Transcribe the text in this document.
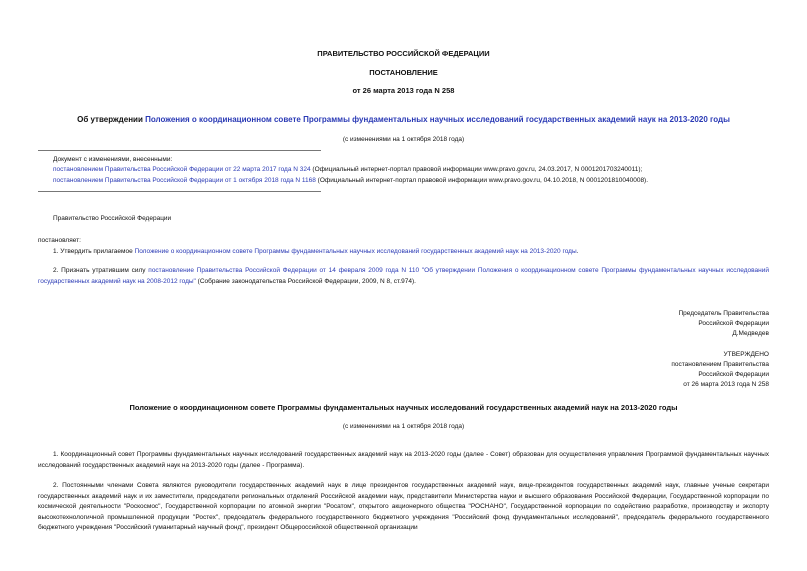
ПРАВИТЕЛЬСТВО РОССИЙСКОЙ ФЕДЕРАЦИИ
ПОСТАНОВЛЕНИЕ
от 26 марта 2013 года N 258
Об утверждении Положения о координационном совете Программы фундаментальных научных исследований государственных академий наук на 2013-2020 годы
(с изменениями на 1 октября 2018 года)
Документ с изменениями, внесенными:
постановлением Правительства Российской Федерации от 22 марта 2017 года N 324 (Официальный интернет-портал правовой информации www.pravo.gov.ru, 24.03.2017, N 0001201703240011);
постановлением Правительства Российской Федерации от 1 октября 2018 года N 1168 (Официальный интернет-портал правовой информации www.pravo.gov.ru, 04.10.2018, N 0001201810040008).
Правительство Российской Федерации
постановляет:
1. Утвердить прилагаемое Положение о координационном совете Программы фундаментальных научных исследований государственных академий наук на 2013-2020 годы.
2. Признать утратившим силу постановление Правительства Российской Федерации от 14 февраля 2009 года N 110 "Об утверждении Положения о координационном совете Программы фундаментальных научных исследований государственных академий наук на 2008-2012 годы" (Собрание законодательства Российской Федерации, 2009, N 8, ст.974).
Председатель Правительства
Российской Федерации
Д.Медведев
УТВЕРЖДЕНО
постановлением Правительства
Российской Федерации
от 26 марта 2013 года N 258
Положение о координационном совете Программы фундаментальных научных исследований государственных академий наук на 2013-2020 годы
(с изменениями на 1 октября 2018 года)
1. Координационный совет Программы фундаментальных научных исследований государственных академий наук на 2013-2020 годы (далее - Совет) образован для осуществления управления Программой фундаментальных научных исследований государственных академий наук на 2013-2020 годы (далее - Программа).
2. Постоянными членами Совета являются руководители государственных академий наук в лице президентов государственных академий наук, вице-президентов государственных академий наук, главные ученые секретари государственных академий наук и их заместители, председатели региональных отделений Российской академии наук, представители Министерства науки и высшего образования Российской Федерации, Государственной корпорации по космической деятельности "Роскосмос", Государственной корпорации по атомной энергии "Росатом", открытого акционерного общества "РОСНАНО", Государственной корпорации по содействию разработке, производству и экспорту высокотехнологичной промышленной продукции "Ростех", председатель федерального государственного бюджетного учреждения "Российский фонд фундаментальных исследований", председатель федерального государственного бюджетного учреждения "Российский гуманитарный научный фонд", президент Общероссийской общественной организации
